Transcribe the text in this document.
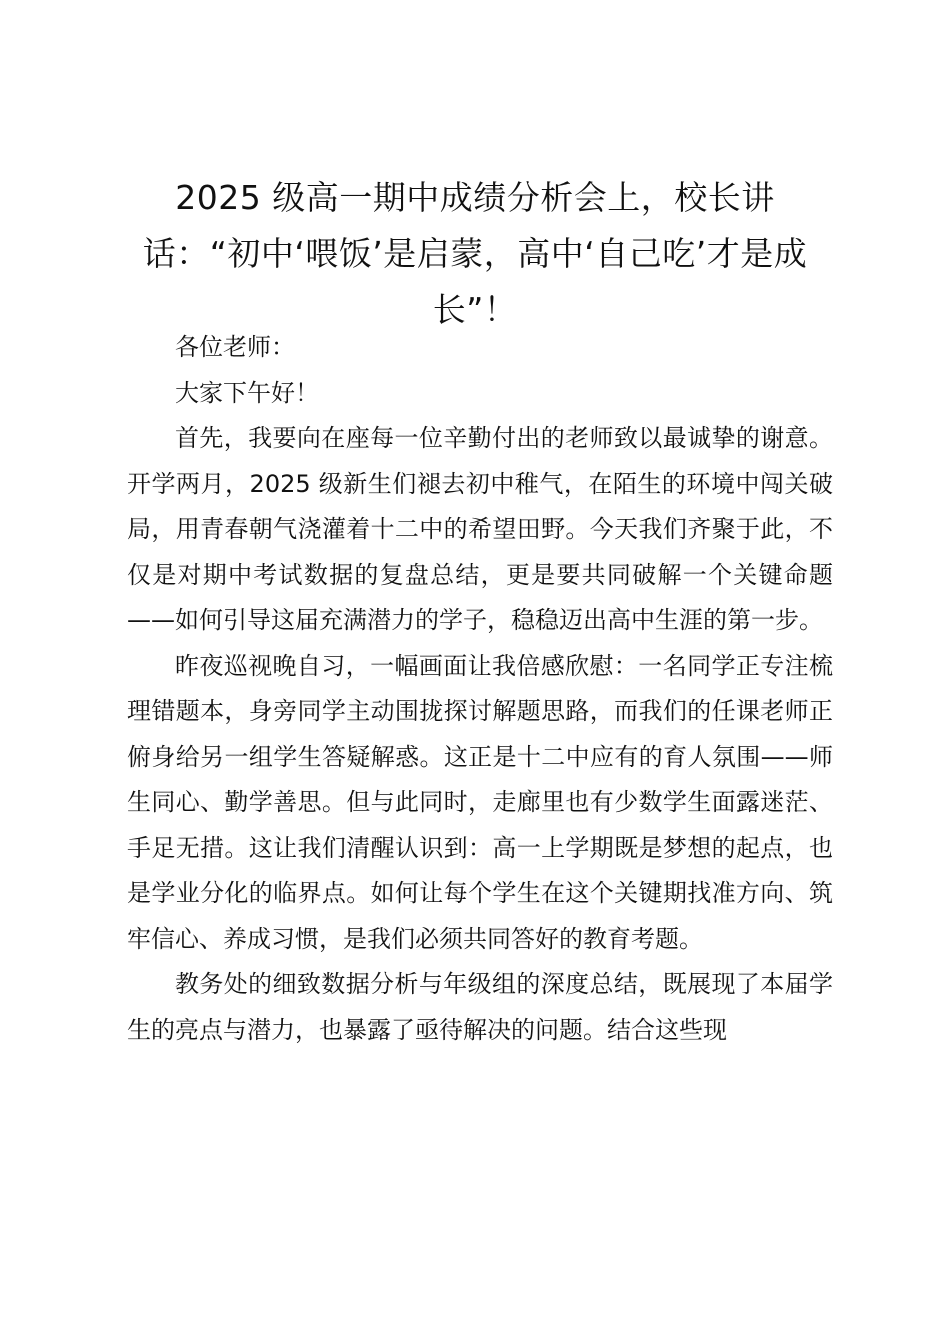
2025 级高一期中成绩分析会上，校长讲话：“初中‘喂饭’是启蒙，高中‘自己吃’才是成长”！

各位老师：

大家下午好！

首先，我要向在座每一位辛勤付出的老师致以最诚挚的谢意。开学两月，2025 级新生们褪去初中稚气，在陌生的环境中闯关破局，用青春朝气浇灌着十二中的希望田野。今天我们齐聚于此，不仅是对期中考试数据的复盘总结，更是要共同破解一个关键命题——如何引导这届充满潜力的学子，稳稳迈出高中生涯的第一步。

昨夜巡视晚自习，一幅画面让我倍感欣慰：一名同学正专注梳理错题本，身旁同学主动围拢探讨解题思路，而我们的任课老师正俯身给另一组学生答疑解惑。这正是十二中应有的育人氛围——师生同心、勤学善思。但与此同时，走廊里也有少数学生面露迷茫、手足无措。这让我们清醒认识到：高一上学期既是梦想的起点，也是学业分化的临界点。如何让每个学生在这个关键期找准方向、筑牢信心、养成习惯，是我们必须共同答好的教育考题。

教务处的细致数据分析与年级组的深度总结，既展现了本届学生的亮点与潜力，也暴露了亟待解决的问题。结合这些现
